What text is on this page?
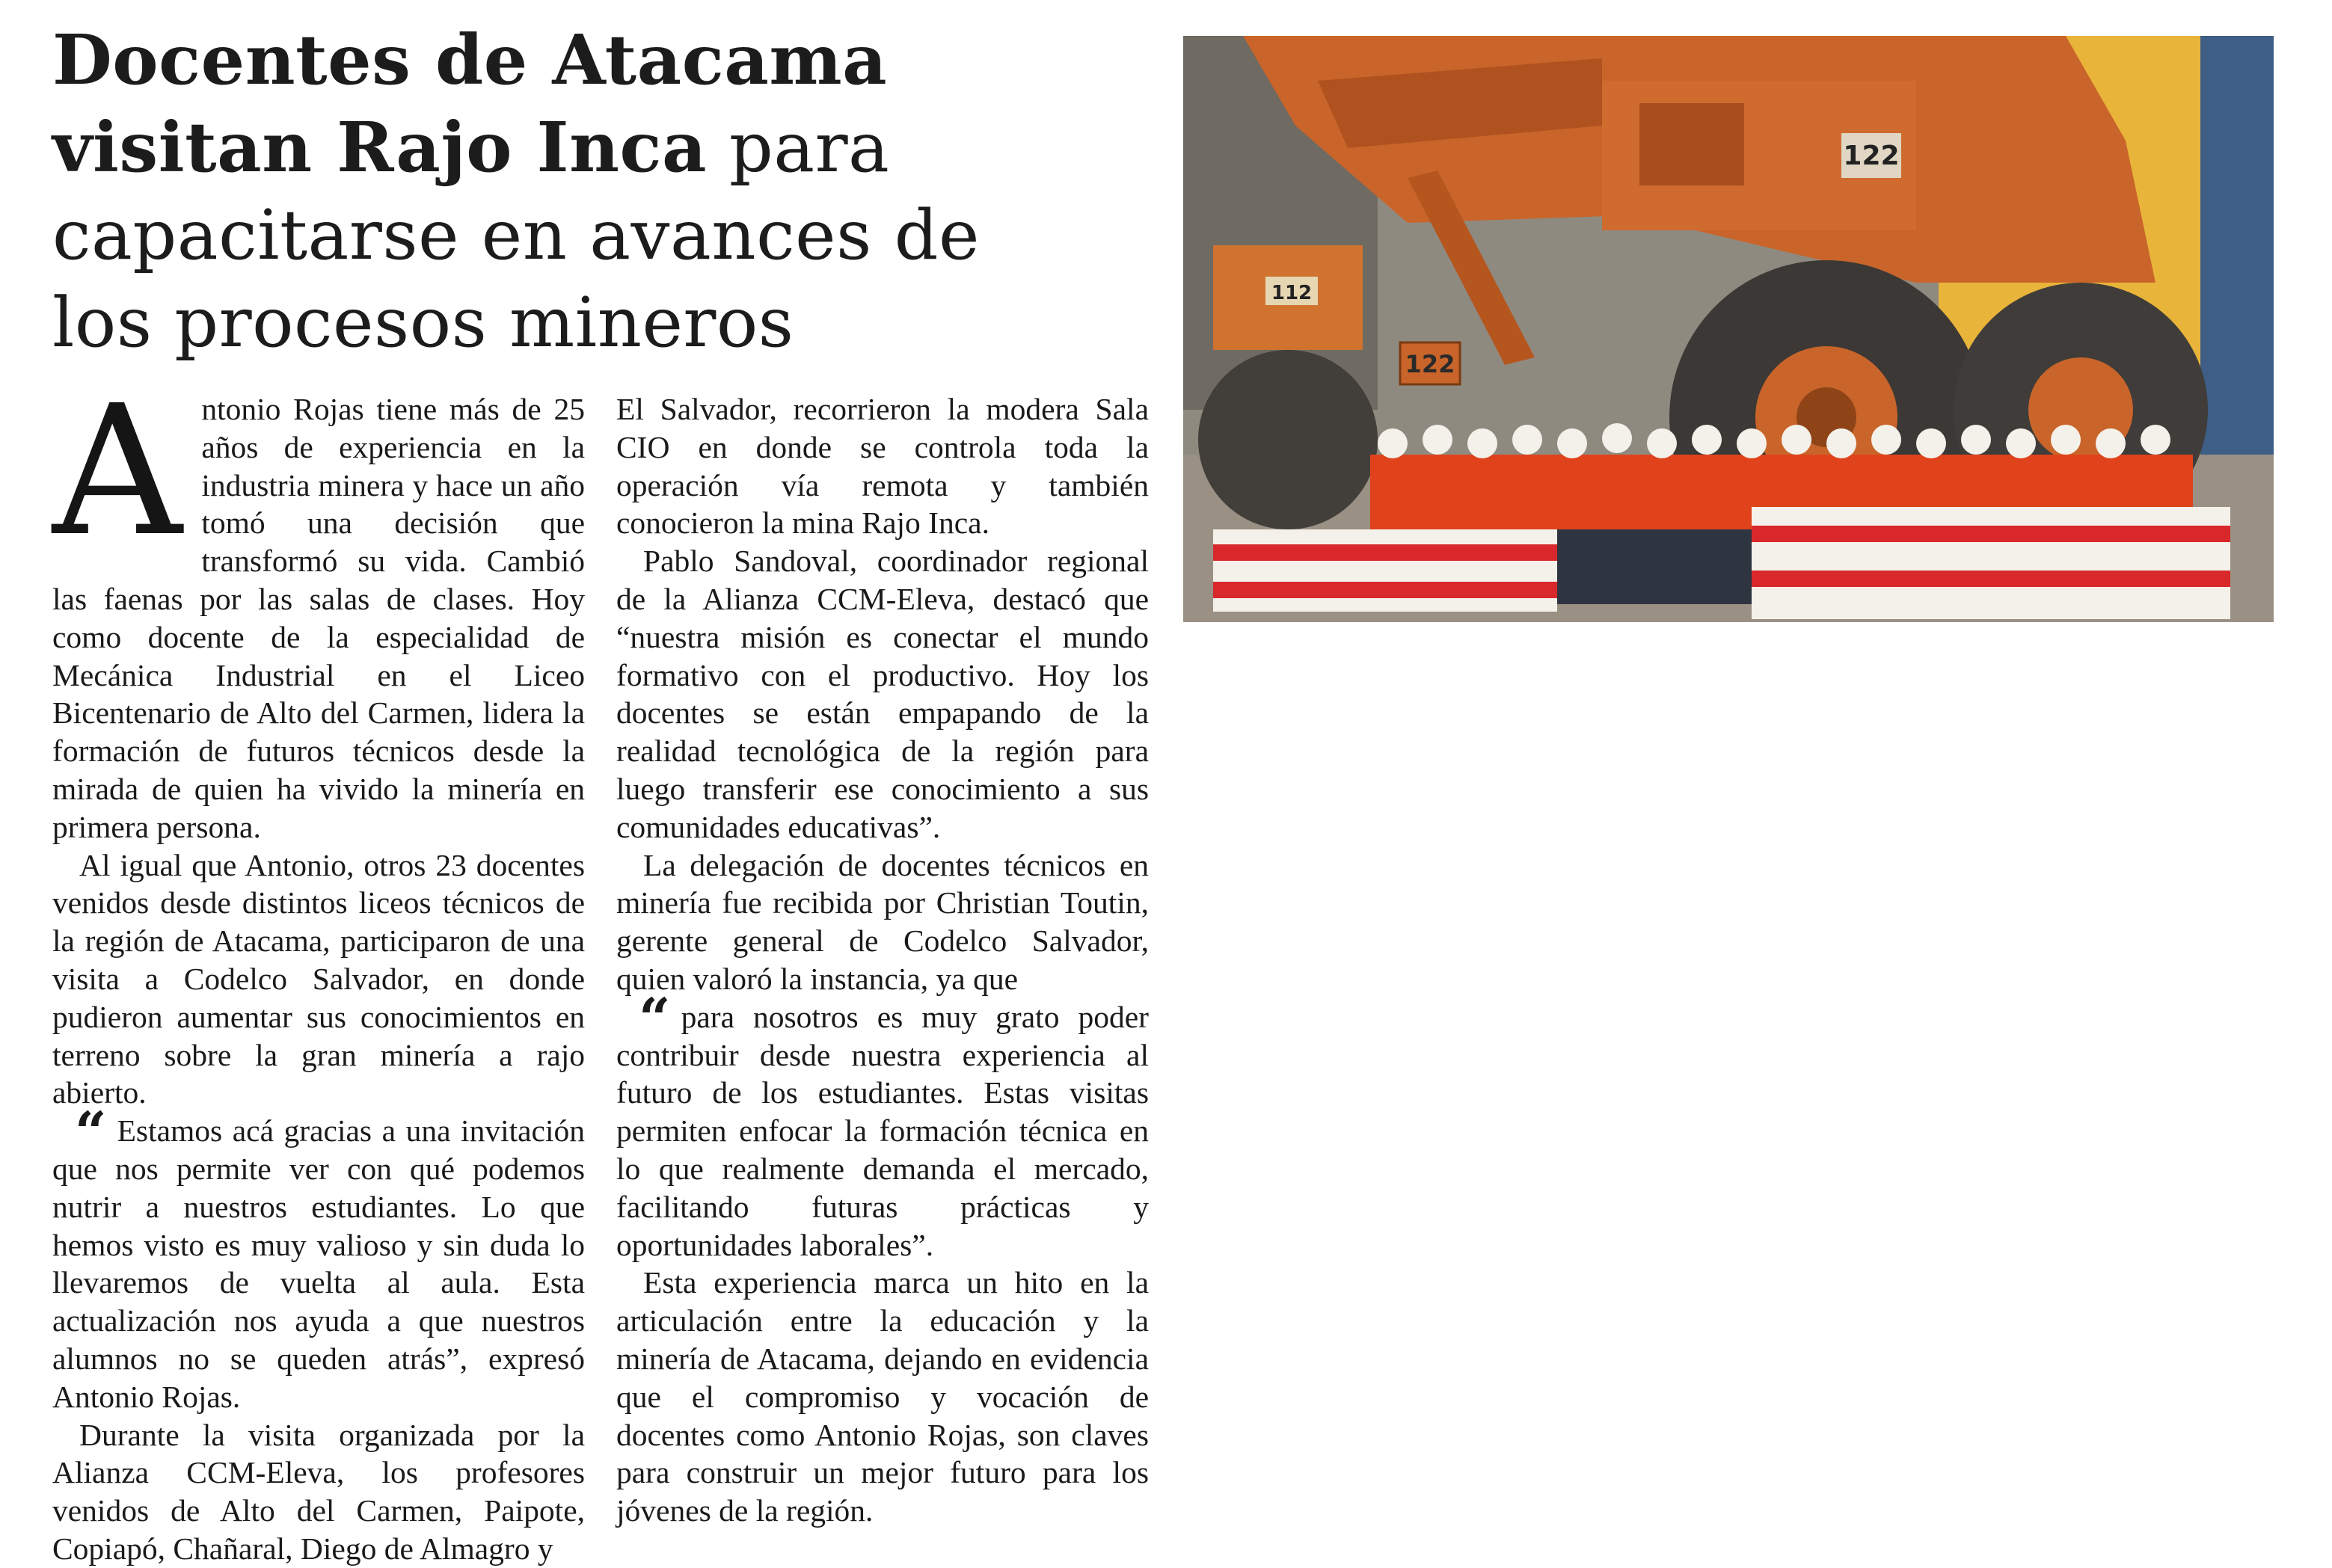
Docentes de Atacama
visitan Rajo Inca para
capacitarse en avances de
los procesos mineros

Antonio Rojas tiene más de 25 años de experiencia en la industria minera y hace un año tomó una decisión que transformó su vida. Cambió las faenas por las salas de clases. Hoy como docente de la especialidad de Mecánica Industrial en el Liceo Bicentenario de Alto del Carmen, lidera la formación de futuros técnicos desde la mirada de quien ha vivido la minería en primera persona.

Al igual que Antonio, otros 23 docentes venidos desde distintos liceos técnicos de la región de Atacama, participaron de una visita a Codelco Salvador, en donde pudieron aumentar sus conocimientos en terreno sobre la gran minería a rajo abierto.

“ Estamos acá gracias a una invitación que nos permite ver con qué podemos nutrir a nuestros estudiantes. Lo que hemos visto es muy valioso y sin duda lo llevaremos de vuelta al aula. Esta actualización nos ayuda a que nuestros alumnos no se queden atrás”, expresó Antonio Rojas.

Durante la visita organizada por la Alianza CCM-Eleva, los profesores venidos de Alto del Carmen, Paipote, Copiapó, Chañaral, Diego de Almagro y

El Salvador, recorrieron la modera Sala CIO en donde se controla toda la operación vía remota y también conocieron la mina Rajo Inca.

Pablo Sandoval, coordinador regional de la Alianza CCM-Eleva, destacó que “nuestra misión es conectar el mundo formativo con el productivo. Hoy los docentes se están empapando de la realidad tecnológica de la región para luego transferir ese conocimiento a sus comunidades educativas”.

La delegación de docentes técnicos en minería fue recibida por Christian Toutin, gerente general de Codelco Salvador, quien valoró la instancia, ya que

“ para nosotros es muy grato poder contribuir desde nuestra experiencia al futuro de los estudiantes. Estas visitas permiten enfocar la formación técnica en lo que realmente demanda el mercado, facilitando futuras prácticas y oportunidades laborales”.

Esta experiencia marca un hito en la articulación entre la educación y la minería de Atacama, dejando en evidencia que el compromiso y vocación de docentes como Antonio Rojas, son claves para construir un mejor futuro para los jóvenes de la región.

122
112
122
